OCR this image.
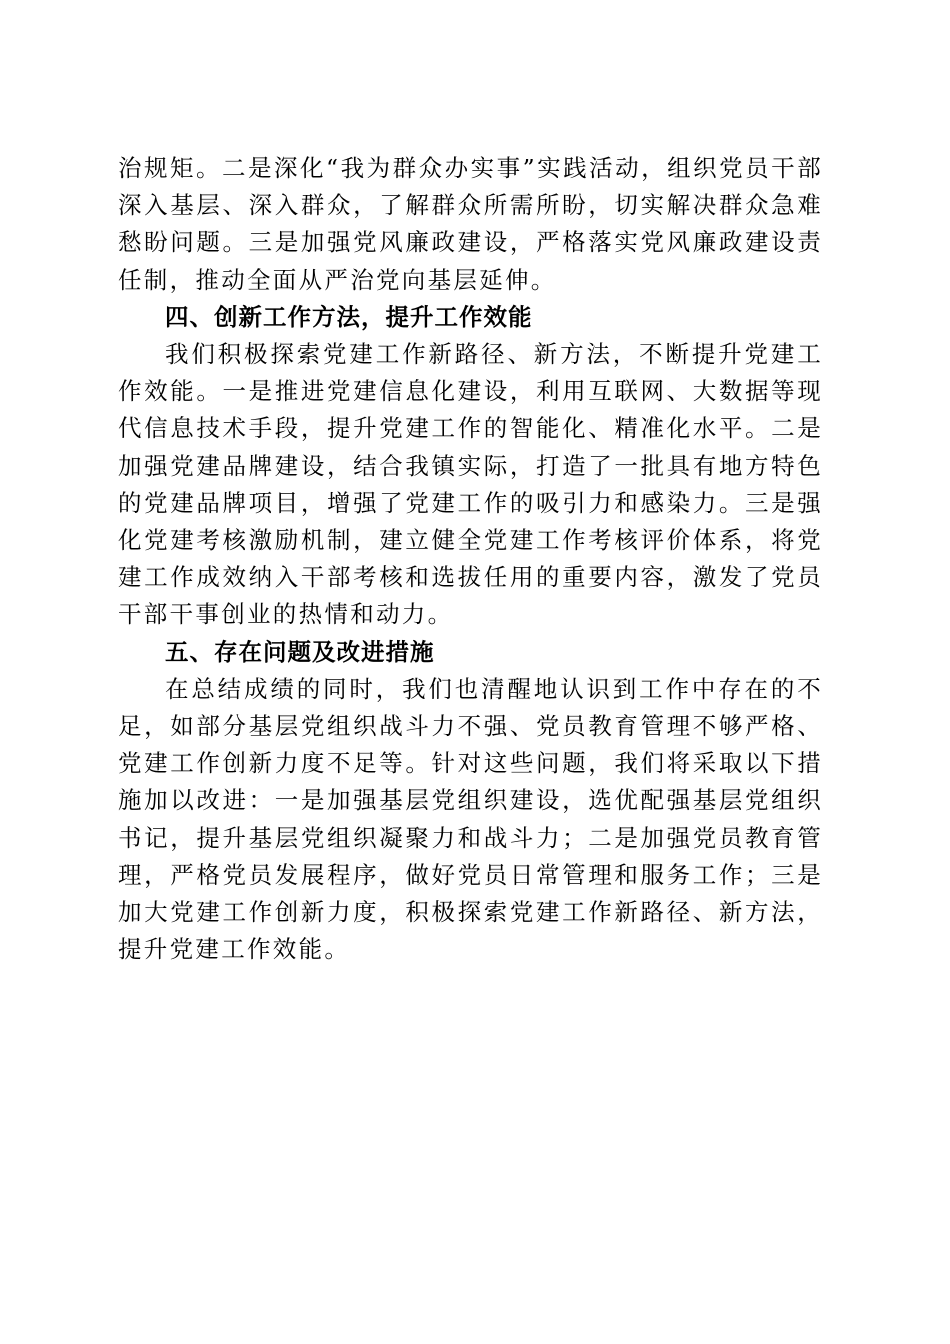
治规矩。二是深化“我为群众办实事”实践活动，组织党员干部深入基层、深入群众，了解群众所需所盼，切实解决群众急难愁盼问题。三是加强党风廉政建设，严格落实党风廉政建设责任制，推动全面从严治党向基层延伸。

四、创新工作方法，提升工作效能

我们积极探索党建工作新路径、新方法，不断提升党建工作效能。一是推进党建信息化建设，利用互联网、大数据等现代信息技术手段，提升党建工作的智能化、精准化水平。二是加强党建品牌建设，结合我镇实际，打造了一批具有地方特色的党建品牌项目，增强了党建工作的吸引力和感染力。三是强化党建考核激励机制，建立健全党建工作考核评价体系，将党建工作成效纳入干部考核和选拔任用的重要内容，激发了党员干部干事创业的热情和动力。

五、存在问题及改进措施

在总结成绩的同时，我们也清醒地认识到工作中存在的不足，如部分基层党组织战斗力不强、党员教育管理不够严格、党建工作创新力度不足等。针对这些问题，我们将采取以下措施加以改进：一是加强基层党组织建设，选优配强基层党组织书记，提升基层党组织凝聚力和战斗力；二是加强党员教育管理，严格党员发展程序，做好党员日常管理和服务工作；三是加大党建工作创新力度，积极探索党建工作新路径、新方法，提升党建工作效能。
